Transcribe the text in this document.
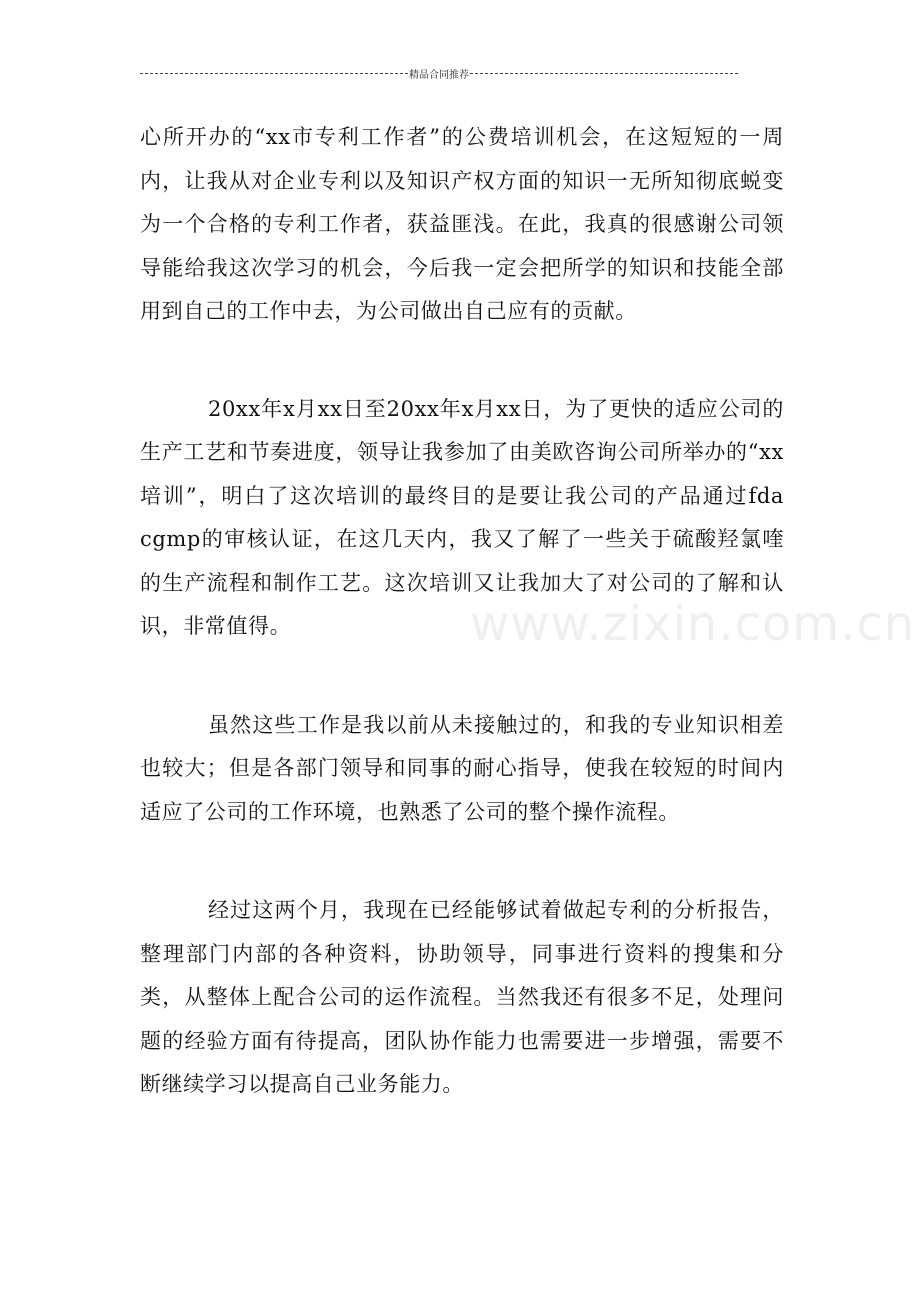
精品合同推荐
www.zixin.com.cn

心所开办的“xx市专利工作者”的公费培训机会，在这短短的一周内，让我从对企业专利以及知识产权方面的知识一无所知彻底蜕变为一个合格的专利工作者，获益匪浅。在此，我真的很感谢公司领导能给我这次学习的机会，今后我一定会把所学的知识和技能全部用到自己的工作中去，为公司做出自己应有的贡献。

20xx年x月xx日至20xx年x月xx日，为了更快的适应公司的生产工艺和节奏进度，领导让我参加了由美欧咨询公司所举办的“xx培训”，明白了这次培训的最终目的是要让我公司的产品通过fda cgmp的审核认证，在这几天内，我又了解了一些关于硫酸羟氯喹的生产流程和制作工艺。这次培训又让我加大了对公司的了解和认识，非常值得。

虽然这些工作是我以前从未接触过的，和我的专业知识相差也较大；但是各部门领导和同事的耐心指导，使我在较短的时间内适应了公司的工作环境，也熟悉了公司的整个操作流程。

经过这两个月，我现在已经能够试着做起专利的分析报告，整理部门内部的各种资料，协助领导，同事进行资料的搜集和分类，从整体上配合公司的运作流程。当然我还有很多不足，处理问题的经验方面有待提高，团队协作能力也需要进一步增强，需要不断继续学习以提高自己业务能力。
